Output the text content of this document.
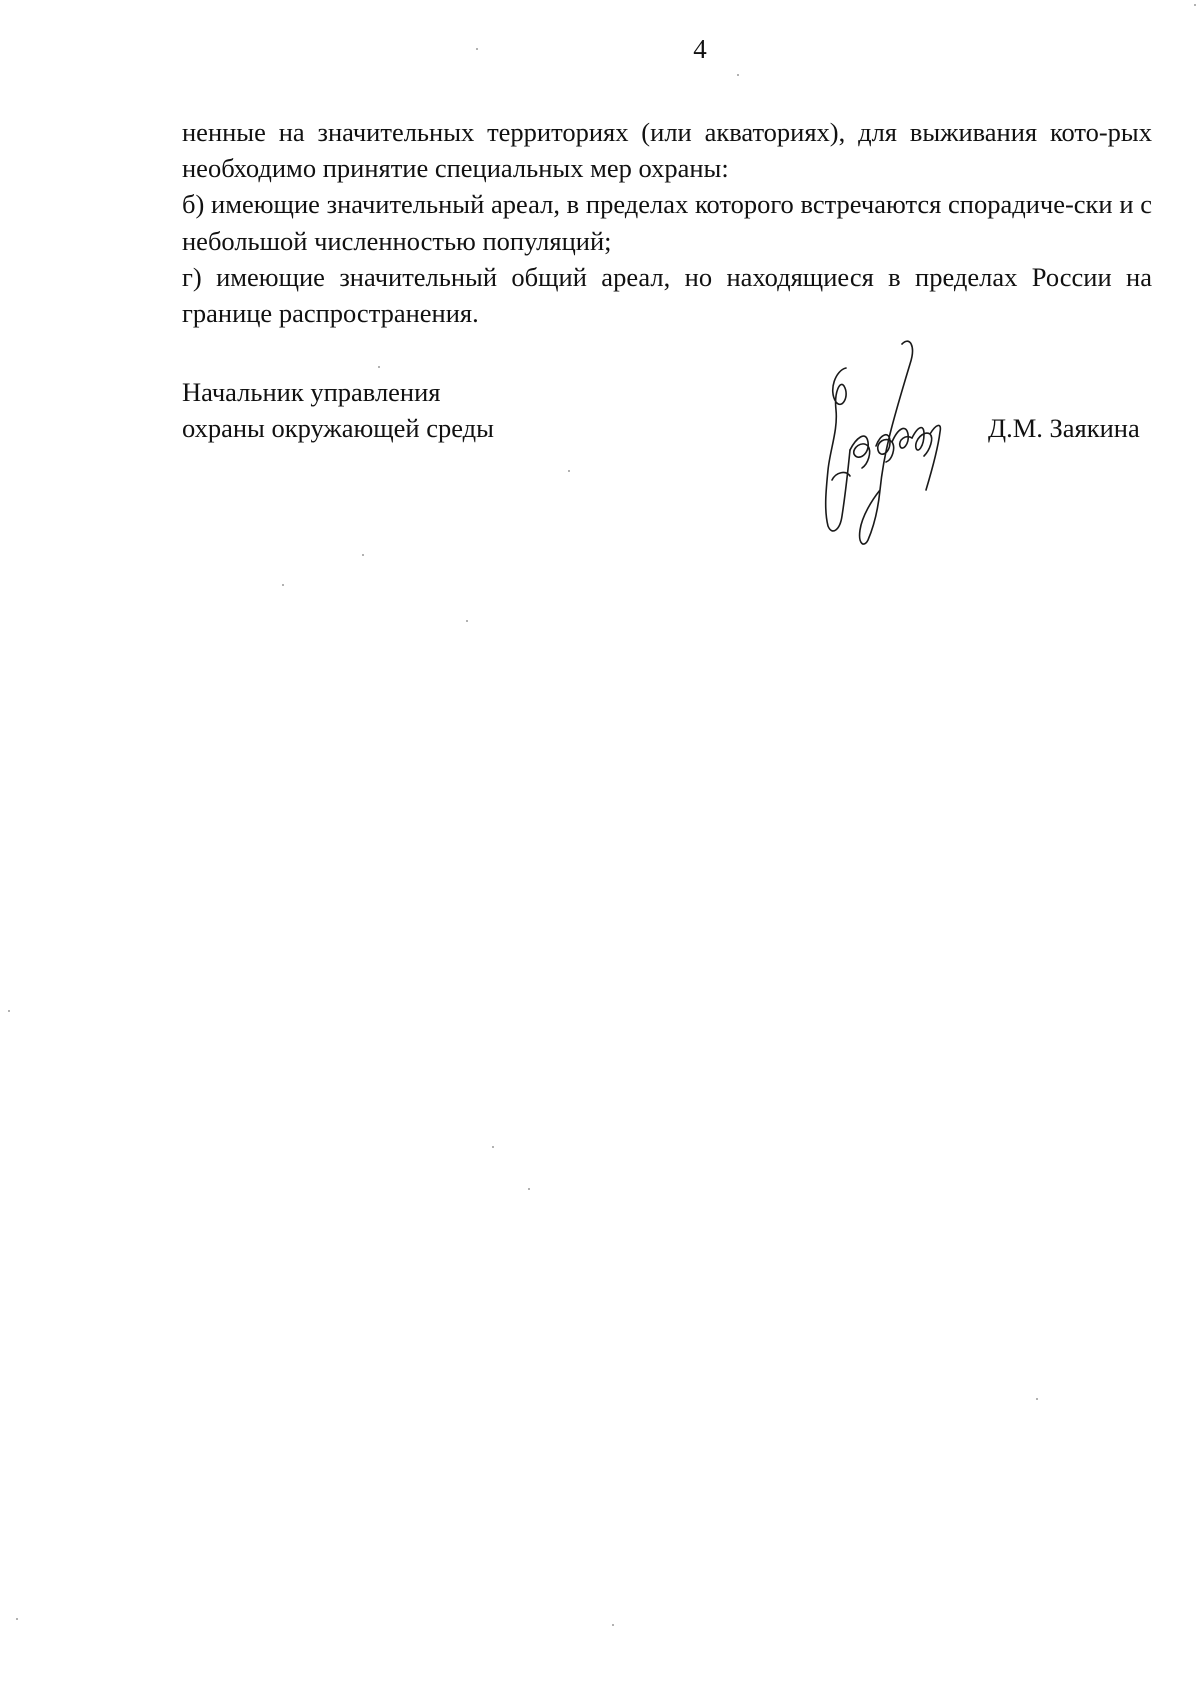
4

ненные на значительных территориях (или акваториях), для выживания кото-рых необходимо принятие специальных мер охраны:

б) имеющие значительный ареал, в пределах которого встречаются спорадиче-ски и с небольшой численностью популяций;

г) имеющие значительный общий ареал, но находящиеся в пределах России на границе распространения.

Начальник управления
охраны окружающей среды	Д.М. Заякина
